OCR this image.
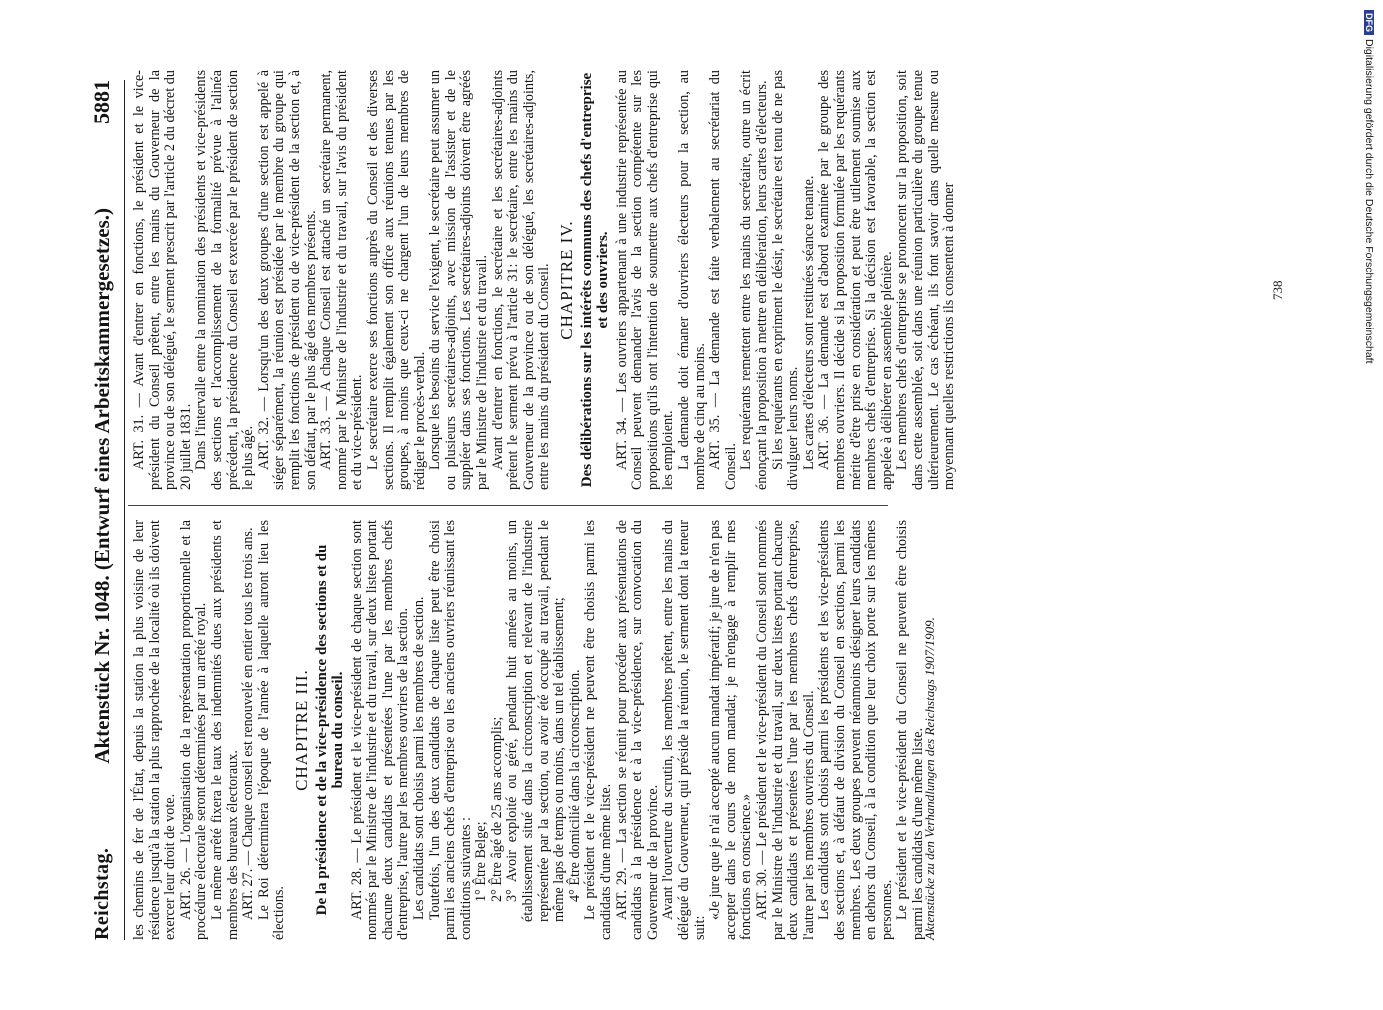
Reichstag.
Aktenstück Nr. 1048. (Entwurf eines Arbeitskammergesetzes.)
5881

les chemins de fer de l'État, depuis la station la plus voisine de leur résidence jusqu'à la station la plus rapprochée de la localité où ils doivent exercer leur droit de vote. ART. 26. — L'organisation de la représentation proportionnelle et la procédure électorale seront déterminées par un arrêté royal. Le même arrêté fixera le taux des indemnités dues aux présidents et membres des bureaux électoraux. ART. 27. — Chaque conseil est renouvelé en entier tous les trois ans. Le Roi déterminera l'époque de l'année à laquelle auront lieu les élections.

CHAPITRE III. De la présidence et de la vice-présidence des sections et du bureau du conseil. ART. 28. — Le président et le vice-président de chaque section sont nommés par le Ministre de l'industrie et du travail, sur deux listes portant chacune deux candidats et présentées l'une par les membres chefs d'entreprise, l'autre par les membres ouvriers de la section. Les candidats sont choisis parmi les membres de section. Toutefois, l'un des deux candidats de chaque liste peut être choisi parmi les anciens chefs d'entreprise ou les anciens ouvriers réunissant les conditions suivantes : 1° Être Belge; 2° Être âgé de 25 ans accomplis; 3° Avoir exploité ou géré, pendant huit années au moins, un établissement situé dans la circonscription et relevant de l'industrie représentée par la section, ou avoir été occupé au travail, pendant le même laps de temps ou moins, dans un tel établissement; 4° Être domicilié dans la circonscription. Le président et le vice-président ne peuvent être choisis parmi les candidats d'une même liste. ART. 29. — La section se réunit pour procéder aux présentations de candidats à la présidence et à la vice-présidence, sur convocation du Gouverneur de la province. Avant l'ouverture du scrutin, les membres prêtent, entre les mains du délégué du Gouverneur, qui préside la réunion, le serment dont la teneur suit:

«Je jure que je n'ai accepté aucun mandat impératif; je jure de n'en pas accepter dans le cours de mon mandat; je m'engage à remplir mes fonctions en conscience.» ART. 30. — Le président et le vice-président du Conseil sont nommés par le Ministre de l'industrie et du travail, sur deux listes portant chacune deux candidats et présentées l'une par les membres chefs d'entreprise, l'autre par les membres ouvriers du Conseil. Les candidats sont choisis parmi les présidents et les vice-présidents des sections et, à défaut de division du Conseil en sections, parmi les membres. Les deux groupes peuvent néanmoins désigner leurs candidats en dehors du Conseil, à la condition que leur choix porte sur les mêmes personnes. Le président et le vice-président du Conseil ne peuvent être choisis parmi les candidats d'une même liste.

ART. 31. — Avant d'entrer en fonctions, le président et le vice-président du Conseil prêtent, entre les mains du Gouverneur de la province ou de son délégué, le serment prescrit par l'article 2 du décret du 20 juillet 1831. Dans l'intervalle entre la nomination des présidents et vice-présidents des sections et l'accomplissement de la formalité prévue à l'alinéa précédent, la présidence du Conseil est exercée par le président de section le plus âgé. ART. 32. — Lorsqu'un des deux groupes d'une section est appelé à siéger séparément, la réunion est présidée par le membre du groupe qui remplit les fonctions de président ou de vice-président de la section et, à son défaut, par le plus âgé des membres présents. ART. 33. — A chaque Conseil est attaché un secrétaire permanent, nommé par le Ministre de l'industrie et du travail, sur l'avis du président et du vice-président. Le secrétaire exerce ses fonctions auprès du Conseil et des diverses sections. Il remplit également son office aux réunions tenues par les groupes, à moins que ceux-ci ne chargent l'un de leurs membres de rédiger le procès-verbal. Lorsque les besoins du service l'exigent, le secrétaire peut assumer un ou plusieurs secrétaires-adjoints, avec mission de l'assister et de le suppléer dans ses fonctions. Les secrétaires-adjoints doivent être agréés par le Ministre de l'industrie et du travail. Avant d'entrer en fonctions, le secrétaire et les secrétaires-adjoints prêtent le serment prévu à l'article 31: le secrétaire, entre les mains du Gouverneur de la province ou de son délégué, les secrétaires-adjoints, entre les mains du président du Conseil. CHAPITRE IV. Des délibérations sur les intérêts communs des chefs d'entreprise et des ouvriers. ART. 34. — Les ouvriers appartenant à une industrie représentée au Conseil peuvent demander l'avis de la section compétente sur les propositions qu'ils ont l'intention de soumettre aux chefs d'entreprise qui les emploient. La demande doit émaner d'ouvriers électeurs pour la section, au nombre de cinq au moins. ART. 35. — La demande est faite verbalement au secrétariat du Conseil. Les requérants remettent entre les mains du secrétaire, outre un écrit énonçant la proposition à mettre en délibération, leurs cartes d'électeurs. Si les requérants en expriment le désir, le secrétaire est tenu de ne pas divulguer leurs noms. Les cartes d'électeurs sont restituées séance tenante. ART. 36. — La demande est d'abord examinée par le groupe des membres ouvriers. Il décide si la proposition formulée par les requérants mérite d'être prise en considération et peut être utilement soumise aux membres chefs d'entreprise. Si la décision est favorable, la section est appelée à délibérer en assemblée plénière. Les membres chefs d'entreprise se prononcent sur la proposition, soit dans cette assemblée, soit dans une réunion particulière du groupe tenue ultérieurement. Le cas échéant, ils font savoir dans quelle mesure ou moyennant quelles restrictions ils consentent à donner

Aktenstücke zu den Verhandlungen des Reichstags 1907/1909.
738
DFGDigitalisierung gefördert durch die Deutsche Forschungsgemeinschaft
